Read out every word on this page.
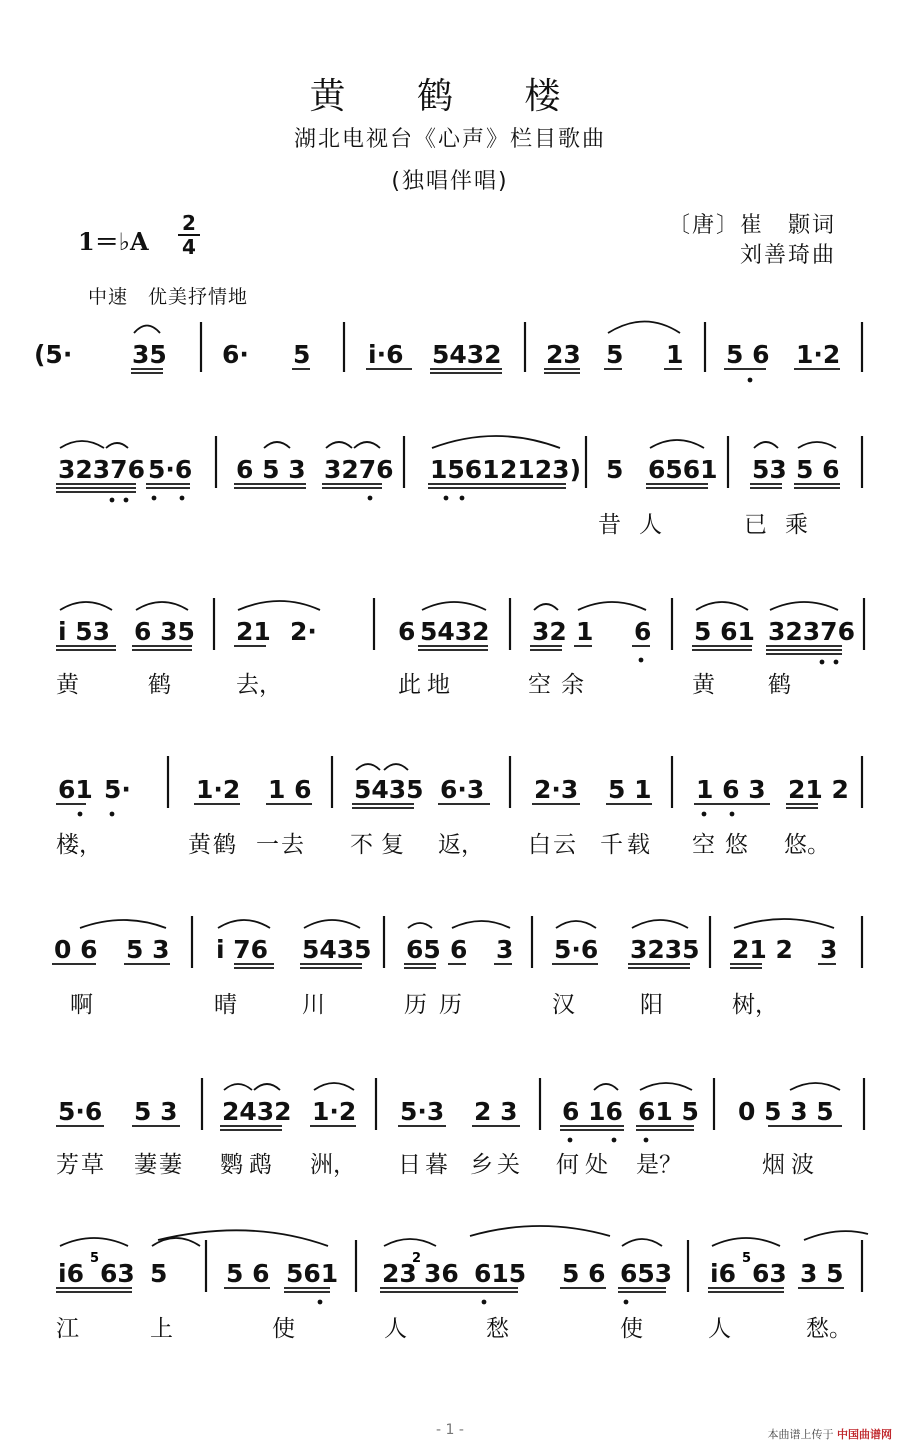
黄 鹤 楼
湖北电视台《心声》栏目歌曲
(独唱伴唱)
1＝♭A
2
4
〔唐〕崔　颢词
刘善琦曲
中速　优美抒情地
(5· 35 6· 5 i·6 5432 23 5 1 5 6 1·2
32376 5·6 6 5 3 3276 1561 2123) 5 6561 53 5 6
昔人	已乘
i 53 6 35 21 2·	6 5432 32 1 6 5 61 32376
黄	鹤	去，	此地	空余	黄 鹤
61 5·	1·2 1 6 5435 6·3 2·3 5 1 1 6 3 21 2
楼，	黄鹤 一去 不复 返， 白云 千载 空悠 悠。
0 6 5 3 i 76 5435 65 6 3 5·6 3235 21 2 3
啊	晴	川	历历	汉	阳	树，
5·6 5 3 2432 1·2 5·3 2 3 6 16 61 5 0 5 3 5
芳草 萋萋 鹦鹉 洲， 日暮 乡关 何处 是？	烟波
i6
5
63 5 5 6 561 23
2
36 615 5 6 653 i6
5
63 3 5
江	上	使	人	愁	使	人	愁。
- 1 -	本曲谱上传于 中国曲谱网
